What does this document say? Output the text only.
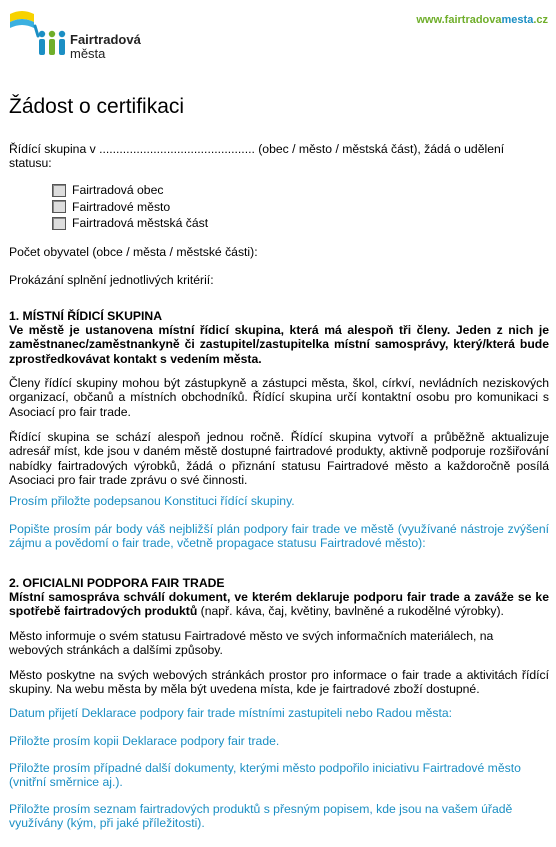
Fairtradová
města
www.fairtradovamesta.cz
Žádost o certifikaci
Řídící skupina v .............................................. (obec / město / městská část), žádá o udělení statusu:
Fairtradová obec
Fairtradové město
Fairtradová městská část
Počet obyvatel (obce / města / městské části):
Prokázání splnění jednotlivých kritérií:
1. MÍSTNÍ ŘÍDICÍ SKUPINA
Ve městě je ustanovena místní řídicí skupina, která má alespoň tři členy. Jeden z nich je zaměstnanec/zaměstnankyně či zastupitel/zastupitelka místní samosprávy, který/která bude zprostředkovávat kontakt s vedením města.
Členy řídící skupiny mohou být zástupkyně a zástupci města, škol, církví, nevládních neziskových organizací, občanů a místních obchodníků. Řídící skupina určí kontaktní osobu pro komunikaci s Asociací pro fair trade.
Řídící skupina se schází alespoň jednou ročně. Řídící skupina vytvoří a průběžně aktualizuje adresář míst, kde jsou v daném městě dostupné fairtradové produkty, aktivně podporuje rozšiřování nabídky fairtradových výrobků, žádá o přiznání statusu Fairtradové město a každoročně posílá Asociaci pro fair trade zprávu o své činnosti.
Prosím přiložte podepsanou Konstituci řídící skupiny.
Popište prosím pár body váš nejbližší plán podpory fair trade ve městě (využívané nástroje zvýšení zájmu a povědomí o fair trade, včetně propagace statusu Fairtradové město):
2. OFICIALNI PODPORA FAIR TRADE
Místní samospráva schválí dokument, ve kterém deklaruje podporu fair trade a zaváže se ke spotřebě fairtradových produktů (např. káva, čaj, květiny, bavlněné a rukodělné výrobky).
Město informuje o svém statusu Fairtradové město ve svých informačních materiálech, na webových stránkách a dalšími způsoby.
Město poskytne na svých webových stránkách prostor pro informace o fair trade a aktivitách řídící skupiny. Na webu města by měla být uvedena místa, kde je fairtradové zboží dostupné.
Datum přijetí Deklarace podpory fair trade místními zastupiteli nebo Radou města:
Přiložte prosím kopii Deklarace podpory fair trade.
Přiložte prosím případné další dokumenty, kterými město podpořilo iniciativu Fairtradové město (vnitřní směrnice aj.).
Přiložte prosím seznam fairtradových produktů s přesným popisem, kde jsou na vašem úřadě využívány (kým, při jaké příležitosti).
